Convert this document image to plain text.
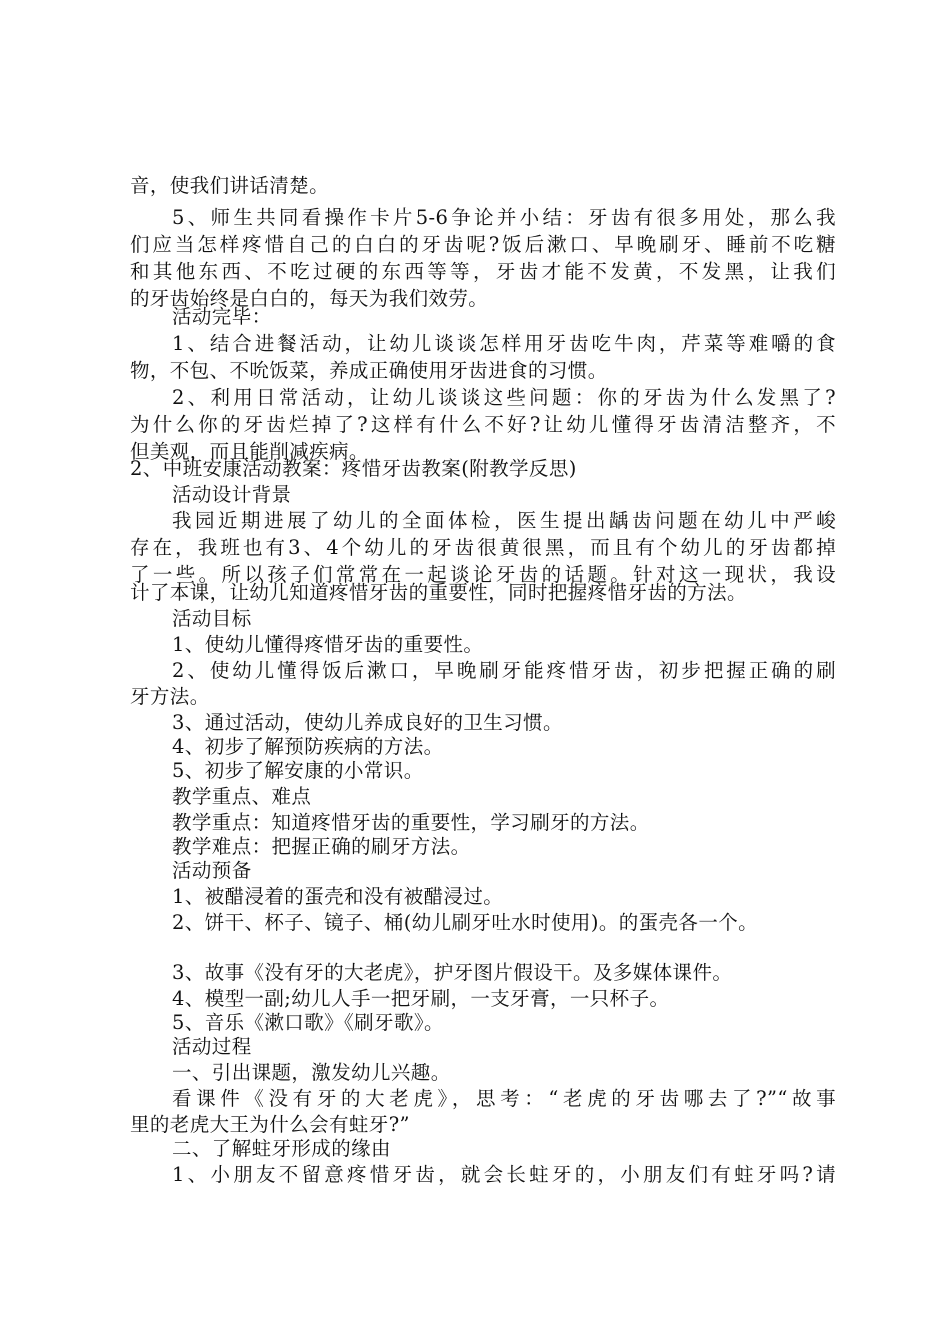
音，使我们讲话清楚。
5、师生共同看操作卡片5-6争论并小结：牙齿有很多用处，那么我
们应当怎样疼惜自己的白白的牙齿呢?饭后漱口、早晚刷牙、睡前不吃糖
和其他东西、不吃过硬的东西等等，牙齿才能不发黄，不发黑，让我们
的牙齿始终是白白的，每天为我们效劳。
活动完毕：
1、结合进餐活动，让幼儿谈谈怎样用牙齿吃牛肉，芹菜等难嚼的食
物，不包、不吮饭菜，养成正确使用牙齿进食的习惯。
2、利用日常活动，让幼儿谈谈这些问题：你的牙齿为什么发黑了?
为什么你的牙齿烂掉了?这样有什么不好?让幼儿懂得牙齿清洁整齐，不
但美观，而且能削减疾病。
2、中班安康活动教案：疼惜牙齿教案(附教学反思)
活动设计背景
我园近期进展了幼儿的全面体检，医生提出龋齿问题在幼儿中严峻
存在，我班也有3、4个幼儿的牙齿很黄很黑，而且有个幼儿的牙齿都掉
了一些。所以孩子们常常在一起谈论牙齿的话题。针对这一现状，我设
计了本课，让幼儿知道疼惜牙齿的重要性，同时把握疼惜牙齿的方法。
活动目标
1、使幼儿懂得疼惜牙齿的重要性。
2、使幼儿懂得饭后漱口，早晚刷牙能疼惜牙齿，初步把握正确的刷
牙方法。
3、通过活动，使幼儿养成良好的卫生习惯。
4、初步了解预防疾病的方法。
5、初步了解安康的小常识。
教学重点、难点
教学重点：知道疼惜牙齿的重要性，学习刷牙的方法。
教学难点：把握正确的刷牙方法。
活动预备
1、被醋浸着的蛋壳和没有被醋浸过。
2、饼干、杯子、镜子、桶(幼儿刷牙吐水时使用)。的蛋壳各一个。
3、故事《没有牙的大老虎》，护牙图片假设干。及多媒体课件。
4、模型一副;幼儿人手一把牙刷，一支牙膏，一只杯子。
5、音乐《漱口歌》《刷牙歌》。
活动过程
一、引出课题，激发幼儿兴趣。
看课件《没有牙的大老虎》，思考：“老虎的牙齿哪去了?”“故事
里的老虎大王为什么会有蛀牙?”
二、了解蛀牙形成的缘由
1、小朋友不留意疼惜牙齿，就会长蛀牙的，小朋友们有蛀牙吗?请
